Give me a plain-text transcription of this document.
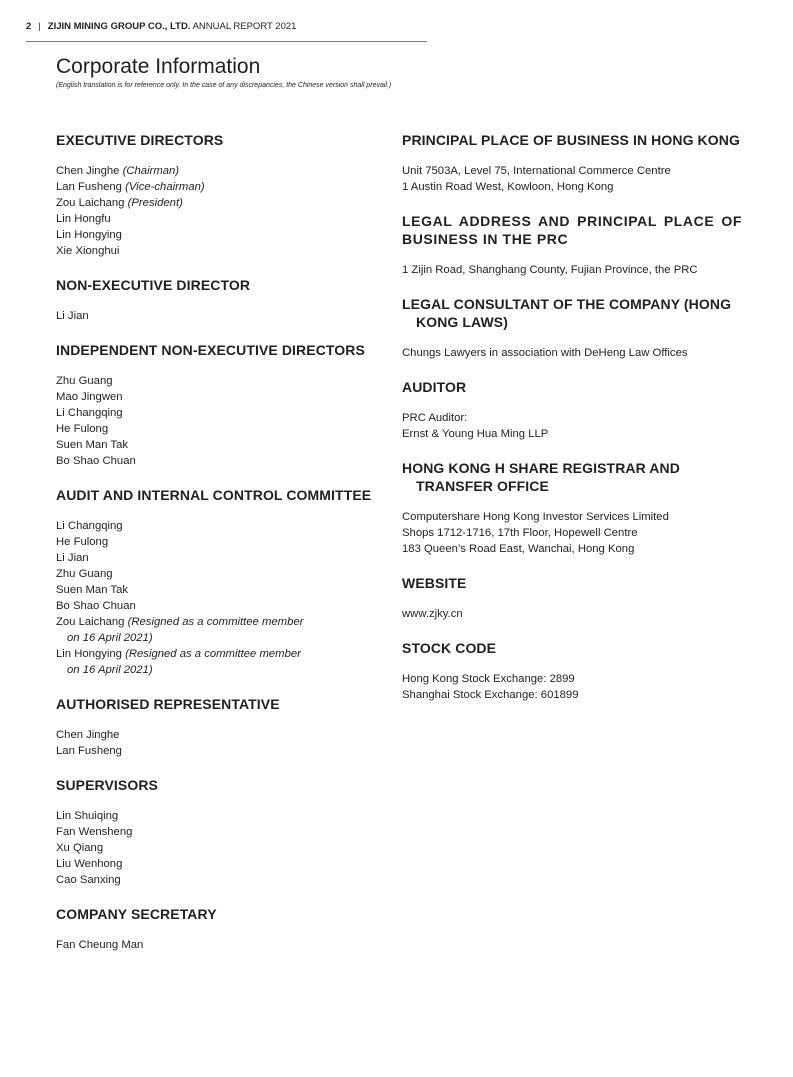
2 | ZIJIN MINING GROUP CO., LTD. ANNUAL REPORT 2021
Corporate Information
(English translation is for reference only. In the case of any discrepancies, the Chinese version shall prevail.)
EXECUTIVE DIRECTORS
Chen Jinghe (Chairman)
Lan Fusheng (Vice-chairman)
Zou Laichang (President)
Lin Hongfu
Lin Hongying
Xie Xionghui
NON-EXECUTIVE DIRECTOR
Li Jian
INDEPENDENT NON-EXECUTIVE DIRECTORS
Zhu Guang
Mao Jingwen
Li Changqing
He Fulong
Suen Man Tak
Bo Shao Chuan
AUDIT AND INTERNAL CONTROL COMMITTEE
Li Changqing
He Fulong
Li Jian
Zhu Guang
Suen Man Tak
Bo Shao Chuan
Zou Laichang (Resigned as a committee member
on 16 April 2021)
Lin Hongying (Resigned as a committee member
on 16 April 2021)
AUTHORISED REPRESENTATIVE
Chen Jinghe
Lan Fusheng
SUPERVISORS
Lin Shuiqing
Fan Wensheng
Xu Qiang
Liu Wenhong
Cao Sanxing
COMPANY SECRETARY
Fan Cheung Man
PRINCIPAL PLACE OF BUSINESS IN HONG KONG
Unit 7503A, Level 75, International Commerce Centre
1 Austin Road West, Kowloon, Hong Kong
LEGAL ADDRESS AND PRINCIPAL PLACE OF BUSINESS IN THE PRC
1 Zijin Road, Shanghang County, Fujian Province, the PRC
LEGAL CONSULTANT OF THE COMPANY (HONG KONG LAWS)
Chungs Lawyers in association with DeHeng Law Offices
AUDITOR
PRC Auditor:
Ernst & Young Hua Ming LLP
HONG KONG H SHARE REGISTRAR AND TRANSFER OFFICE
Computershare Hong Kong Investor Services Limited
Shops 1712-1716, 17th Floor, Hopewell Centre
183 Queen’s Road East, Wanchai, Hong Kong
WEBSITE
www.zjky.cn
STOCK CODE
Hong Kong Stock Exchange: 2899
Shanghai Stock Exchange: 601899
